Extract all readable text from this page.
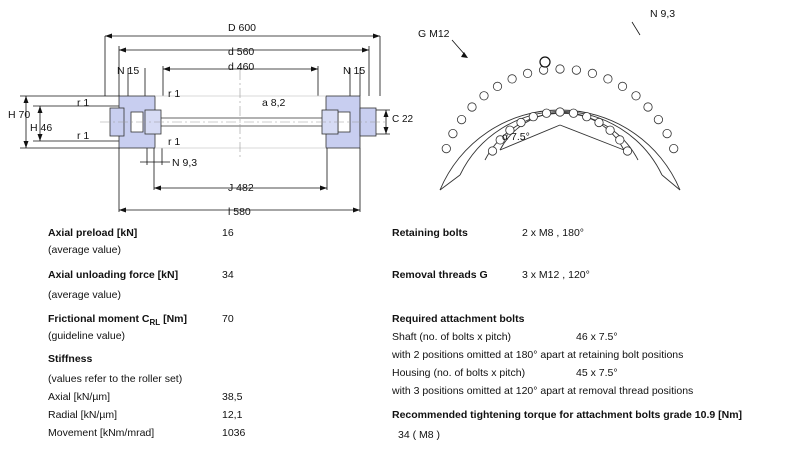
D 600
d 560
d 460
N 15	N 15
H 70
H 46
r 1
r 1
r 1
r 1
a 8,2
C 22
N 9,3
J 482
l 580
G M12
N 9,3
α 7.5°
Axial preload [kN]	16
(average value)
Axial unloading force [kN]	34
(average value)
Frictional moment $C_{RL}$ [Nm]	70
(guideline value)
Stiffness
(values refer to the roller set)
Axial [kN/µm]	38,5
Radial [kN/µm]	12,1
Movement [kNm/mrad]	1036
Retaining bolts	2 x M8 , 180°
Removal threads G	3 x M12 , 120°
Required attachment bolts
Shaft (no. of bolts x pitch)	46 x 7.5°
with 2 positions omitted at 180° apart at retaining bolt positions
Housing (no. of bolts x pitch)	45 x 7.5°
with 3 positions omitted at 120° apart at removal thread positions
Recommended tightening torque for attachment bolts grade 10.9 [Nm]
34 ( M8 )
